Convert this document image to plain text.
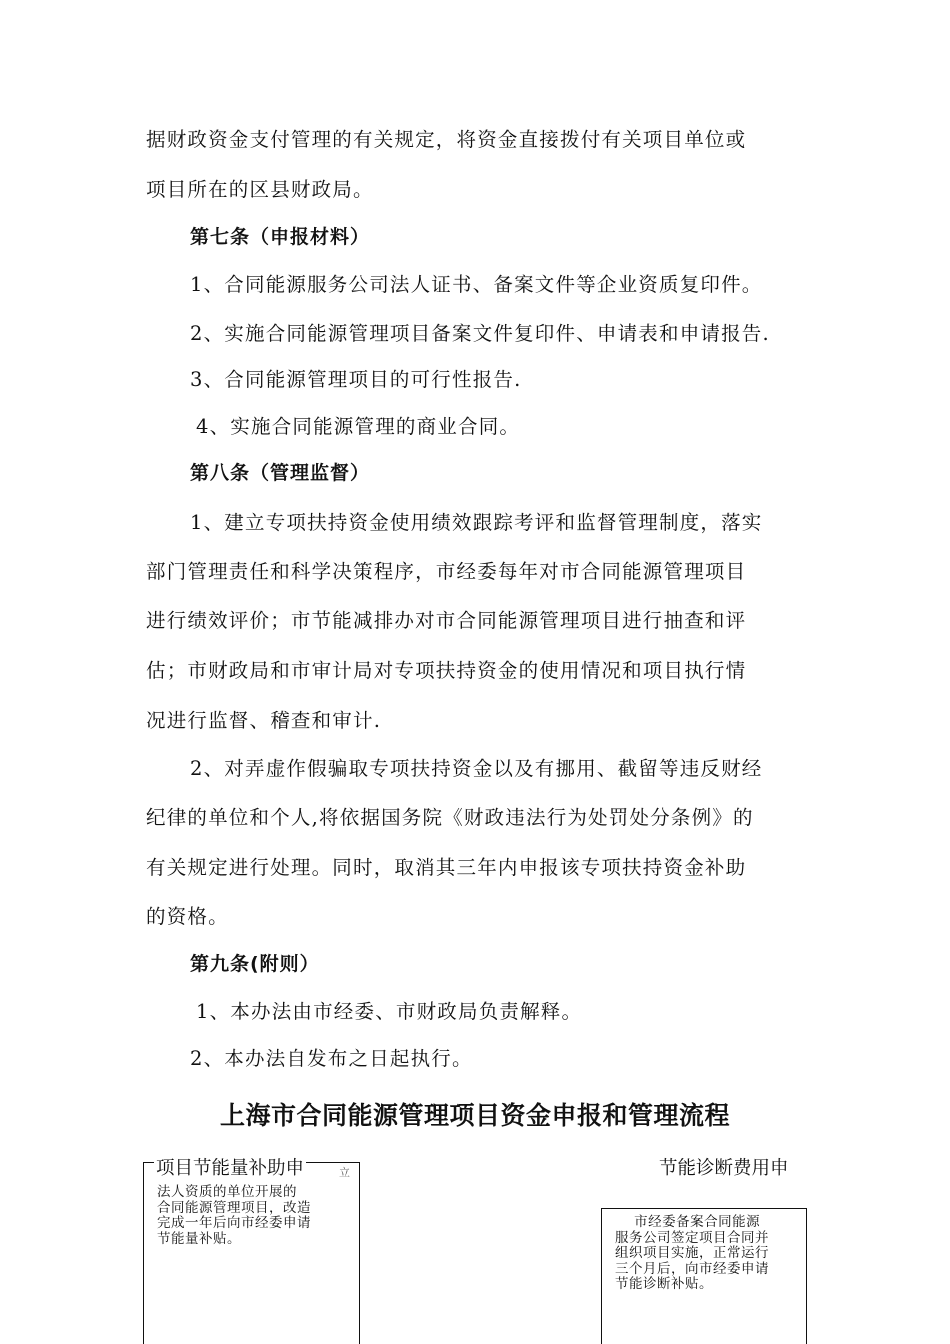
据财政资金支付管理的有关规定，将资金直接拨付有关项目单位或
项目所在的区县财政局。
第七条（申报材料）
1、合同能源服务公司法人证书、备案文件等企业资质复印件。
2、实施合同能源管理项目备案文件复印件、申请表和申请报告.
3、合同能源管理项目的可行性报告.
4、实施合同能源管理的商业合同。
第八条（管理监督）
1、建立专项扶持资金使用绩效跟踪考评和监督管理制度，落实
部门管理责任和科学决策程序，市经委每年对市合同能源管理项目
进行绩效评价；市节能减排办对市合同能源管理项目进行抽查和评
估；市财政局和市审计局对专项扶持资金的使用情况和项目执行情
况进行监督、稽查和审计.
2、对弄虚作假骗取专项扶持资金以及有挪用、截留等违反财经
纪律的单位和个人,将依据国务院《财政违法行为处罚处分条例》的
有关规定进行处理。同时，取消其三年内申报该专项扶持资金补助
的资格。
第九条(附则）
1、本办法由市经委、市财政局负责解释。
2、本办法自发布之日起执行。
上海市合同能源管理项目资金申报和管理流程
项目节能量补助申	立
法人资质的单位开展的
合同能源管理项目，改造
完成一年后向市经委申请
节能量补贴。
节能诊断费用申
市经委备案合同能源
服务公司签定项目合同并
组织项目实施，正常运行
三个月后，向市经委申请
节能诊断补贴。
